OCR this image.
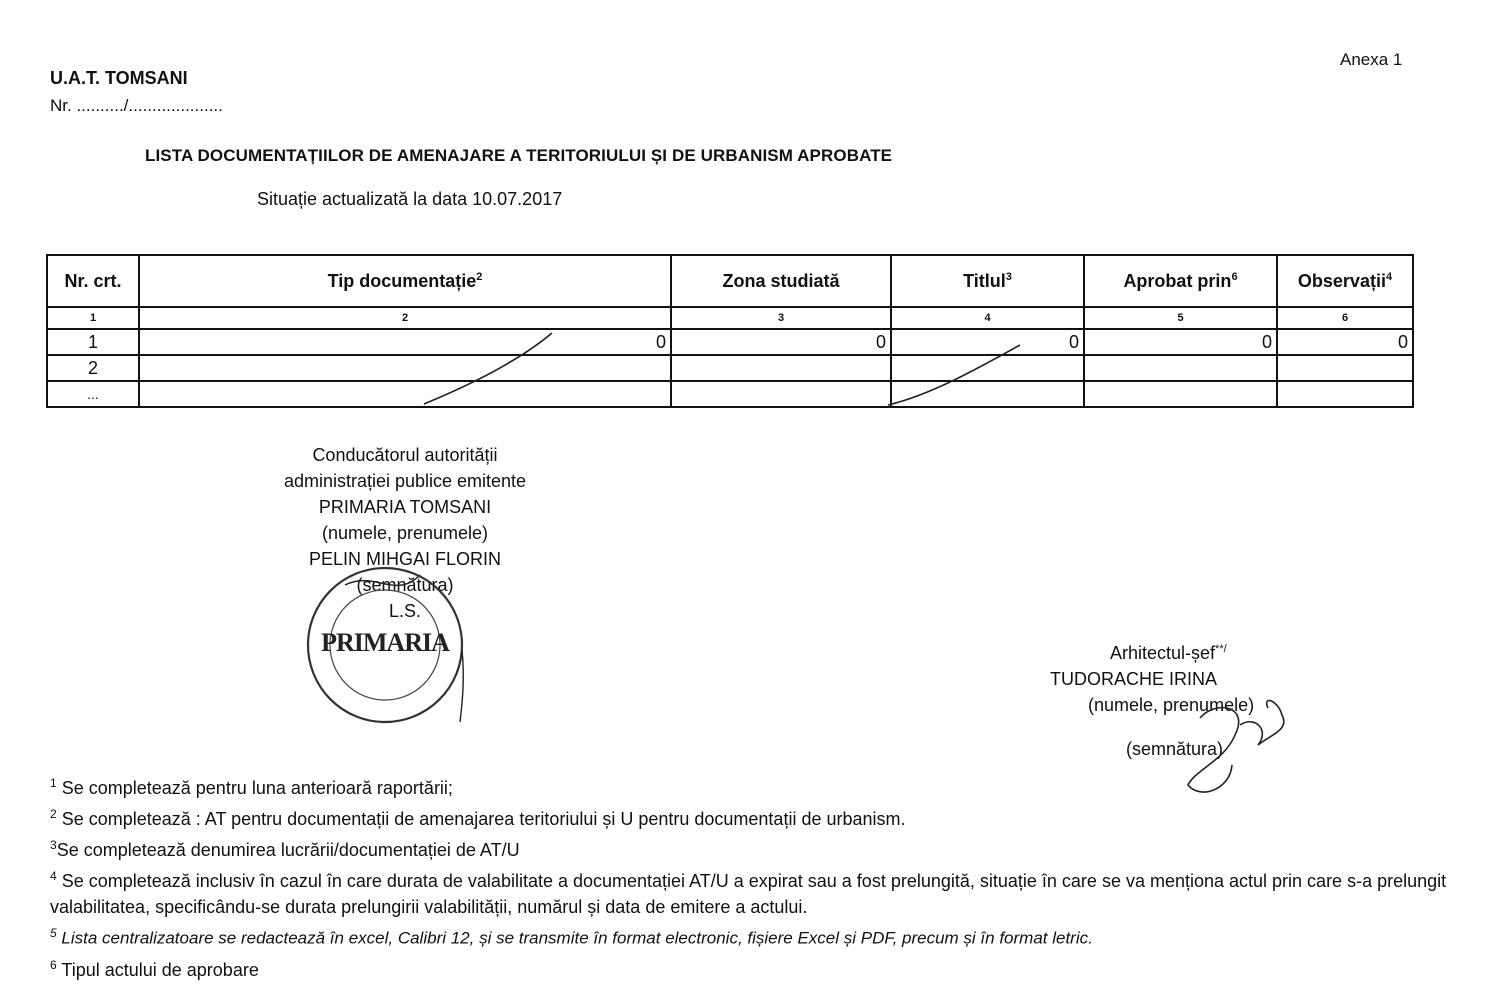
Anexa 1
U.A.T. TOMSANI
Nr. ........../....................
LISTA DOCUMENTAȚIILOR DE AMENAJARE A TERITORIULUI ȘI DE URBANISM APROBATE
Situație actualizată la data 10.07.2017
Nr. crt.	Tip documentație$^2$	Zona studiată	Titlul$^3$	Aprobat prin$^6$	Observații$^4$
1	2	3	4	5	6
1	0	0	0	0	0
2					
...					
Conducătorul autorității
administrației publice emitente
PRIMARIA TOMSANI
(numele, prenumele)
PELIN MIHGAI FLORIN
(semnătura)
L.S.
PRIMARIA	Arhitectul-șef**/
TUDORACHE IRINA
(numele, prenumele)
(semnătura)
$^1$ Se completează pentru luna anterioară raportării;
$^2$ Se completează : AT pentru documentații de amenajarea teritoriului și U pentru documentații de urbanism.
$^3$Se completează denumirea lucrării/documentației de AT/U
$^4$ Se completează inclusiv în cazul în care durata de valabilitate a documentației AT/U a expirat sau a fost prelungită, situație în care se va menționa actul prin care s-a prelungit valabilitatea, specificându-se durata prelungirii valabilității, numărul și data de emitere a actului.
$^5$ Lista centralizatoare se redactează în excel, Calibri 12, și se transmite în format electronic, fișiere Excel și PDF, precum și în format letric.
$^6$ Tipul actului de aprobare
